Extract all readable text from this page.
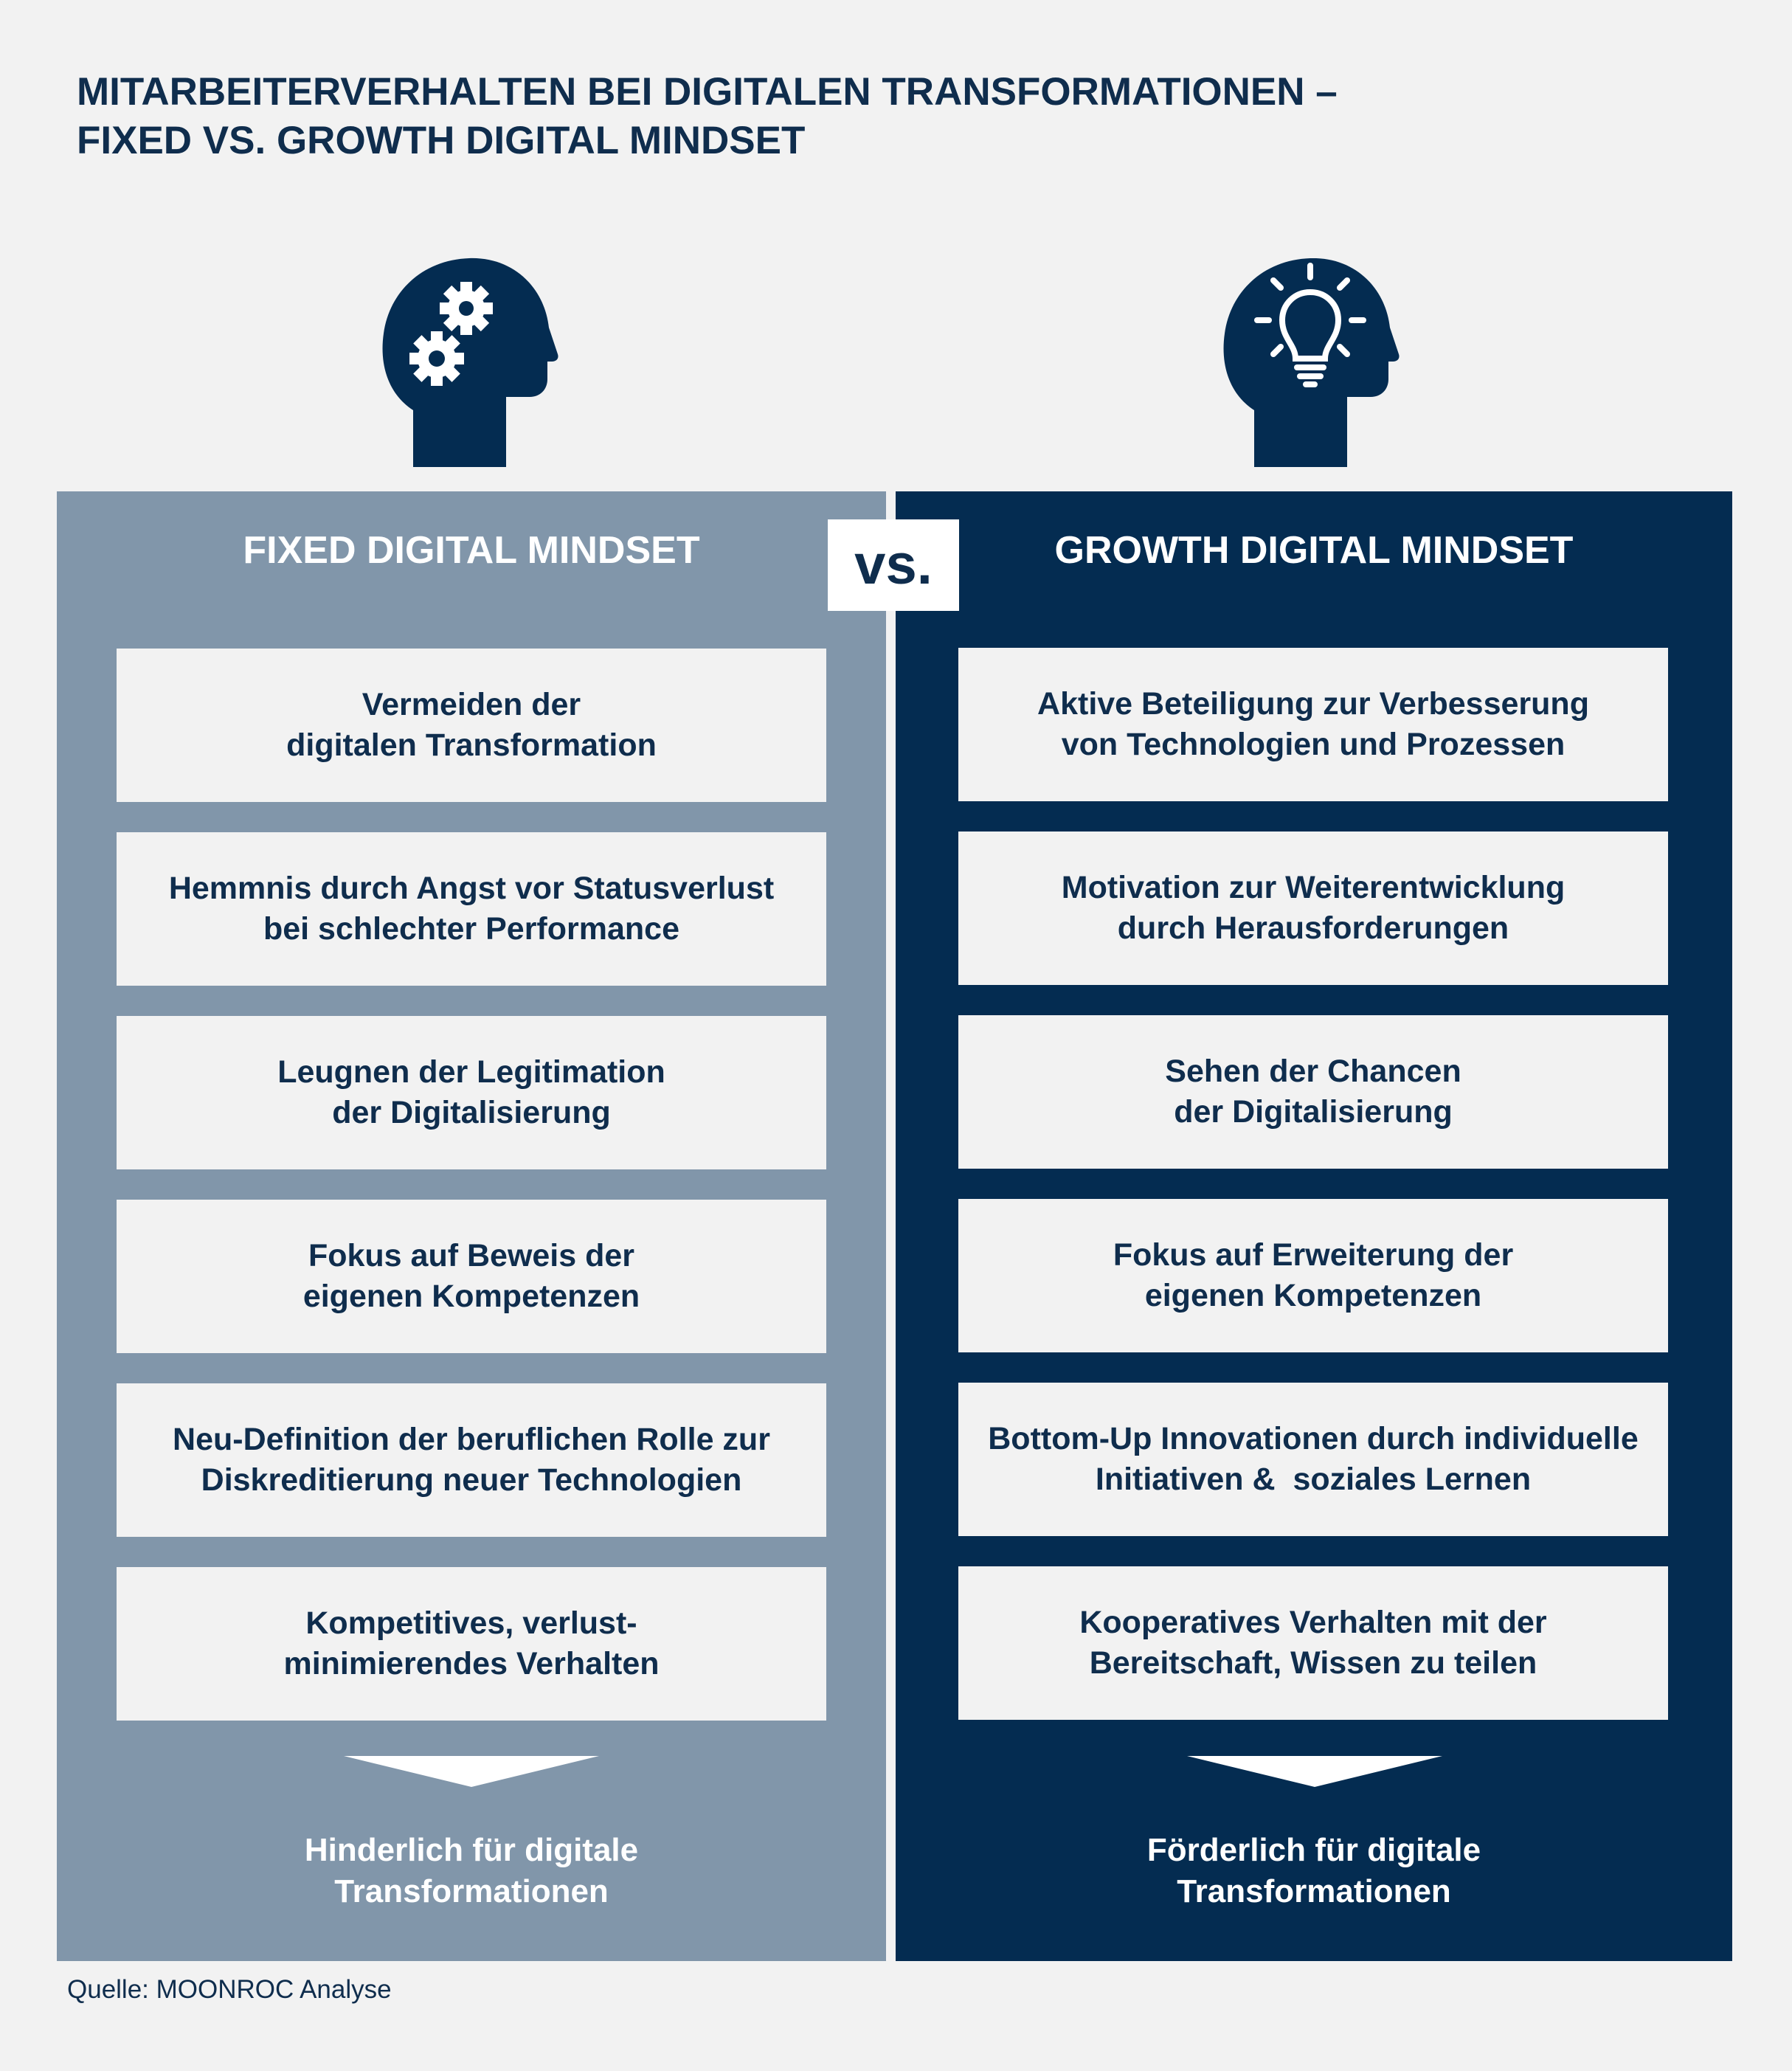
MITARBEITERVERHALTEN BEI DIGITALEN TRANSFORMATIONEN –
FIXED VS. GROWTH DIGITAL MINDSET
FIXED DIGITAL MINDSET
Vermeiden der
digitalen Transformation
Hemmnis durch Angst vor Statusverlust
bei schlechter Performance
Leugnen der Legitimation
der Digitalisierung
Fokus auf Beweis der
eigenen Kompetenzen
Neu-Definition der beruflichen Rolle zur
Diskreditierung neuer Technologien
Kompetitives, verlust-
minimierendes Verhalten
Hinderlich für digitale
Transformationen
GROWTH DIGITAL MINDSET
Aktive Beteiligung zur Verbesserung
von Technologien und Prozessen
Motivation zur Weiterentwicklung
durch Herausforderungen
Sehen der Chancen
der Digitalisierung
Fokus auf Erweiterung der
eigenen Kompetenzen
Bottom-Up Innovationen durch individuelle
Initiativen &  soziales Lernen
Kooperatives Verhalten mit der
Bereitschaft, Wissen zu teilen
Förderlich für digitale
Transformationen
vs.
Quelle: MOONROC Analyse
